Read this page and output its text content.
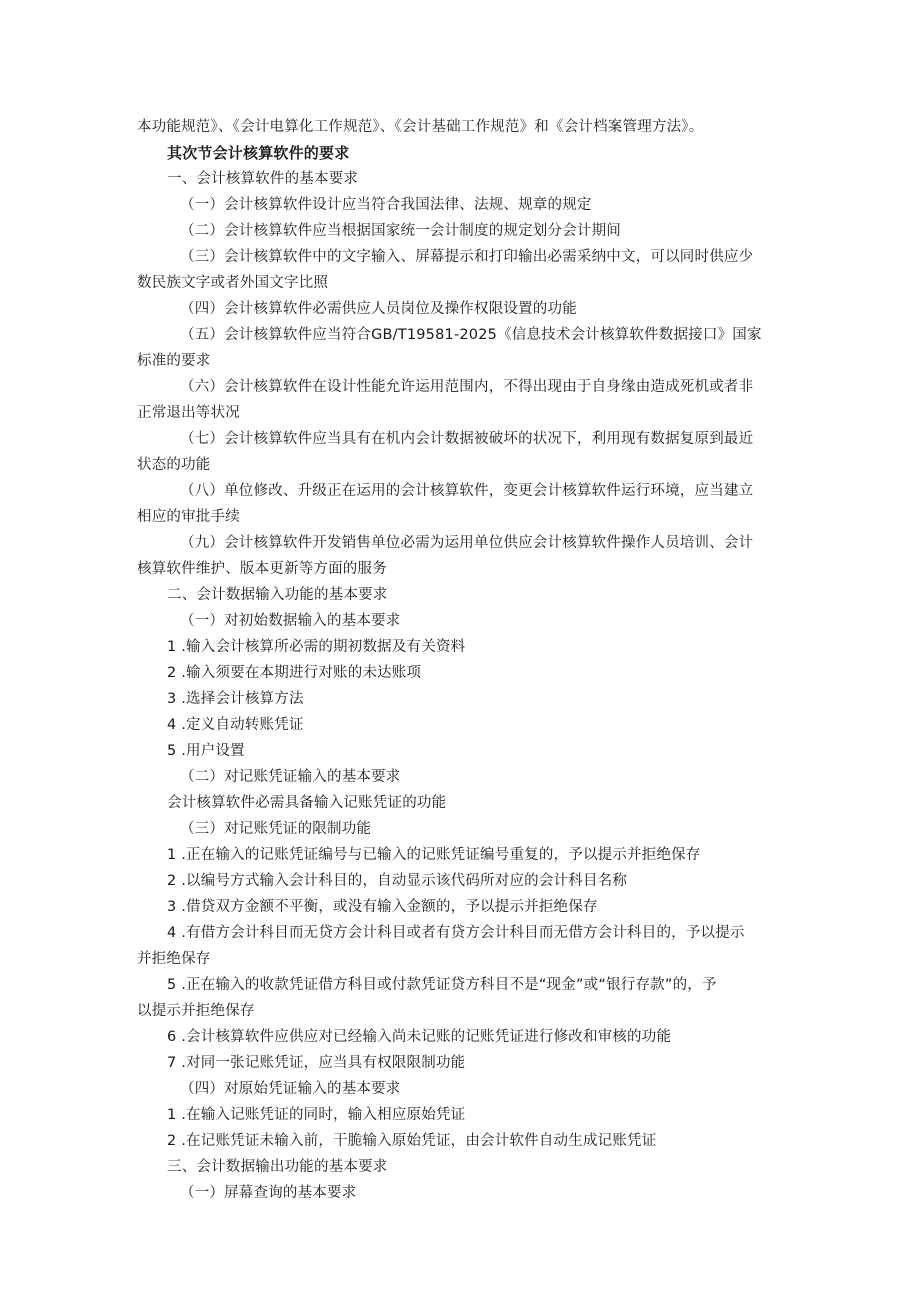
本功能规范》、《会计电算化工作规范》、《会计基础工作规范》和《会计档案管理方法》。
其次节会计核算软件的要求
一、会计核算软件的基本要求
（一）会计核算软件设计应当符合我国法律、法规、规章的规定
（二）会计核算软件应当根据国家统一会计制度的规定划分会计期间
（三）会计核算软件中的文字输入、屏幕提示和打印输出必需采纳中文，可以同时供应少
数民族文字或者外国文字比照
（四）会计核算软件必需供应人员岗位及操作权限设置的功能
（五）会计核算软件应当符合GB/T19581-2025《信息技术会计核算软件数据接口》国家
标准的要求
（六）会计核算软件在设计性能允许运用范围内，不得出现由于自身缘由造成死机或者非
正常退出等状况
（七）会计核算软件应当具有在机内会计数据被破坏的状况下，利用现有数据复原到最近
状态的功能
（八）单位修改、升级正在运用的会计核算软件，变更会计核算软件运行环境，应当建立
相应的审批手续
（九）会计核算软件开发销售单位必需为运用单位供应会计核算软件操作人员培训、会计
核算软件维护、版本更新等方面的服务
二、会计数据输入功能的基本要求
（一）对初始数据输入的基本要求
1 .输入会计核算所必需的期初数据及有关资料
2 .输入须要在本期进行对账的未达账项
3 .选择会计核算方法
4 .定义自动转账凭证
5 .用户设置
（二）对记账凭证输入的基本要求
会计核算软件必需具备输入记账凭证的功能
（三）对记账凭证的限制功能
1 .正在输入的记账凭证编号与已输入的记账凭证编号重复的，予以提示并拒绝保存
2 .以编号方式输入会计科目的，自动显示该代码所对应的会计科目名称
3 .借贷双方金额不平衡，或没有输入金额的，予以提示并拒绝保存
4 .有借方会计科目而无贷方会计科目或者有贷方会计科目而无借方会计科目的，予以提示
并拒绝保存
5 .正在输入的收款凭证借方科目或付款凭证贷方科目不是“现金”或“银行存款”的，予
以提示并拒绝保存
6 .会计核算软件应供应对已经输入尚未记账的记账凭证进行修改和审核的功能
7 .对同一张记账凭证，应当具有权限限制功能
（四）对原始凭证输入的基本要求
1 .在输入记账凭证的同时，输入相应原始凭证
2 .在记账凭证未输入前，干脆输入原始凭证，由会计软件自动生成记账凭证
三、会计数据输出功能的基本要求
（一）屏幕查询的基本要求
